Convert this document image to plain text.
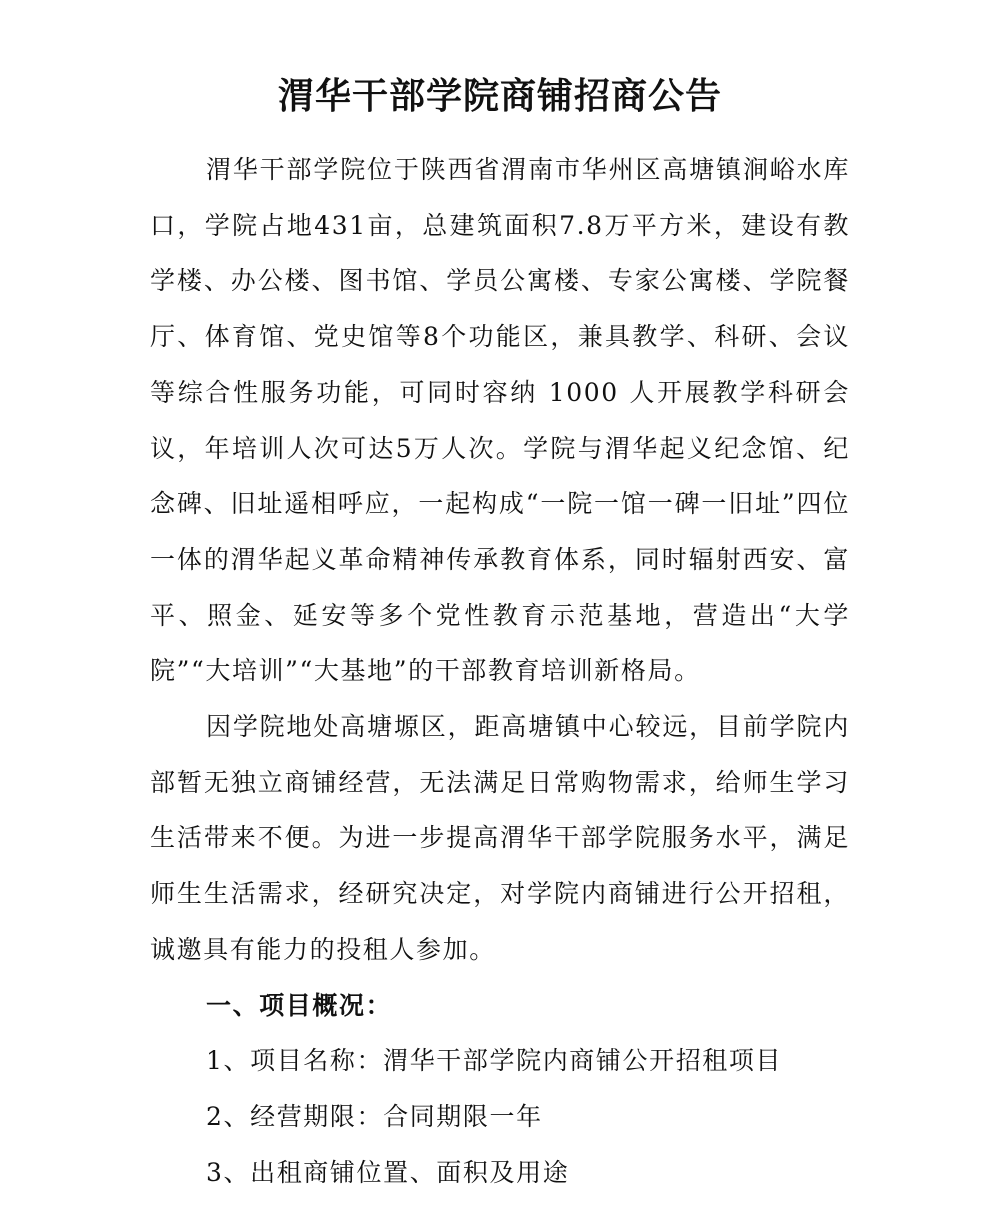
渭华干部学院商铺招商公告

渭华干部学院位于陕西省渭南市华州区高塘镇涧峪水库口，学院占地431亩，总建筑面积7.8万平方米，建设有教学楼、办公楼、图书馆、学员公寓楼、专家公寓楼、学院餐厅、体育馆、党史馆等8个功能区，兼具教学、科研、会议等综合性服务功能，可同时容纳 1000 人开展教学科研会议，年培训人次可达5万人次。学院与渭华起义纪念馆、纪念碑、旧址遥相呼应，一起构成“一院一馆一碑一旧址”四位一体的渭华起义革命精神传承教育体系，同时辐射西安、富平、照金、延安等多个党性教育示范基地，营造出“大学院”“大培训”“大基地”的干部教育培训新格局。

因学院地处高塘塬区，距高塘镇中心较远，目前学院内部暂无独立商铺经营，无法满足日常购物需求，给师生学习生活带来不便。为进一步提高渭华干部学院服务水平，满足师生生活需求，经研究决定，对学院内商铺进行公开招租，诚邀具有能力的投租人参加。

一、项目概况：

1、项目名称：渭华干部学院内商铺公开招租项目

2、经营期限：合同期限一年

3、出租商铺位置、面积及用途
